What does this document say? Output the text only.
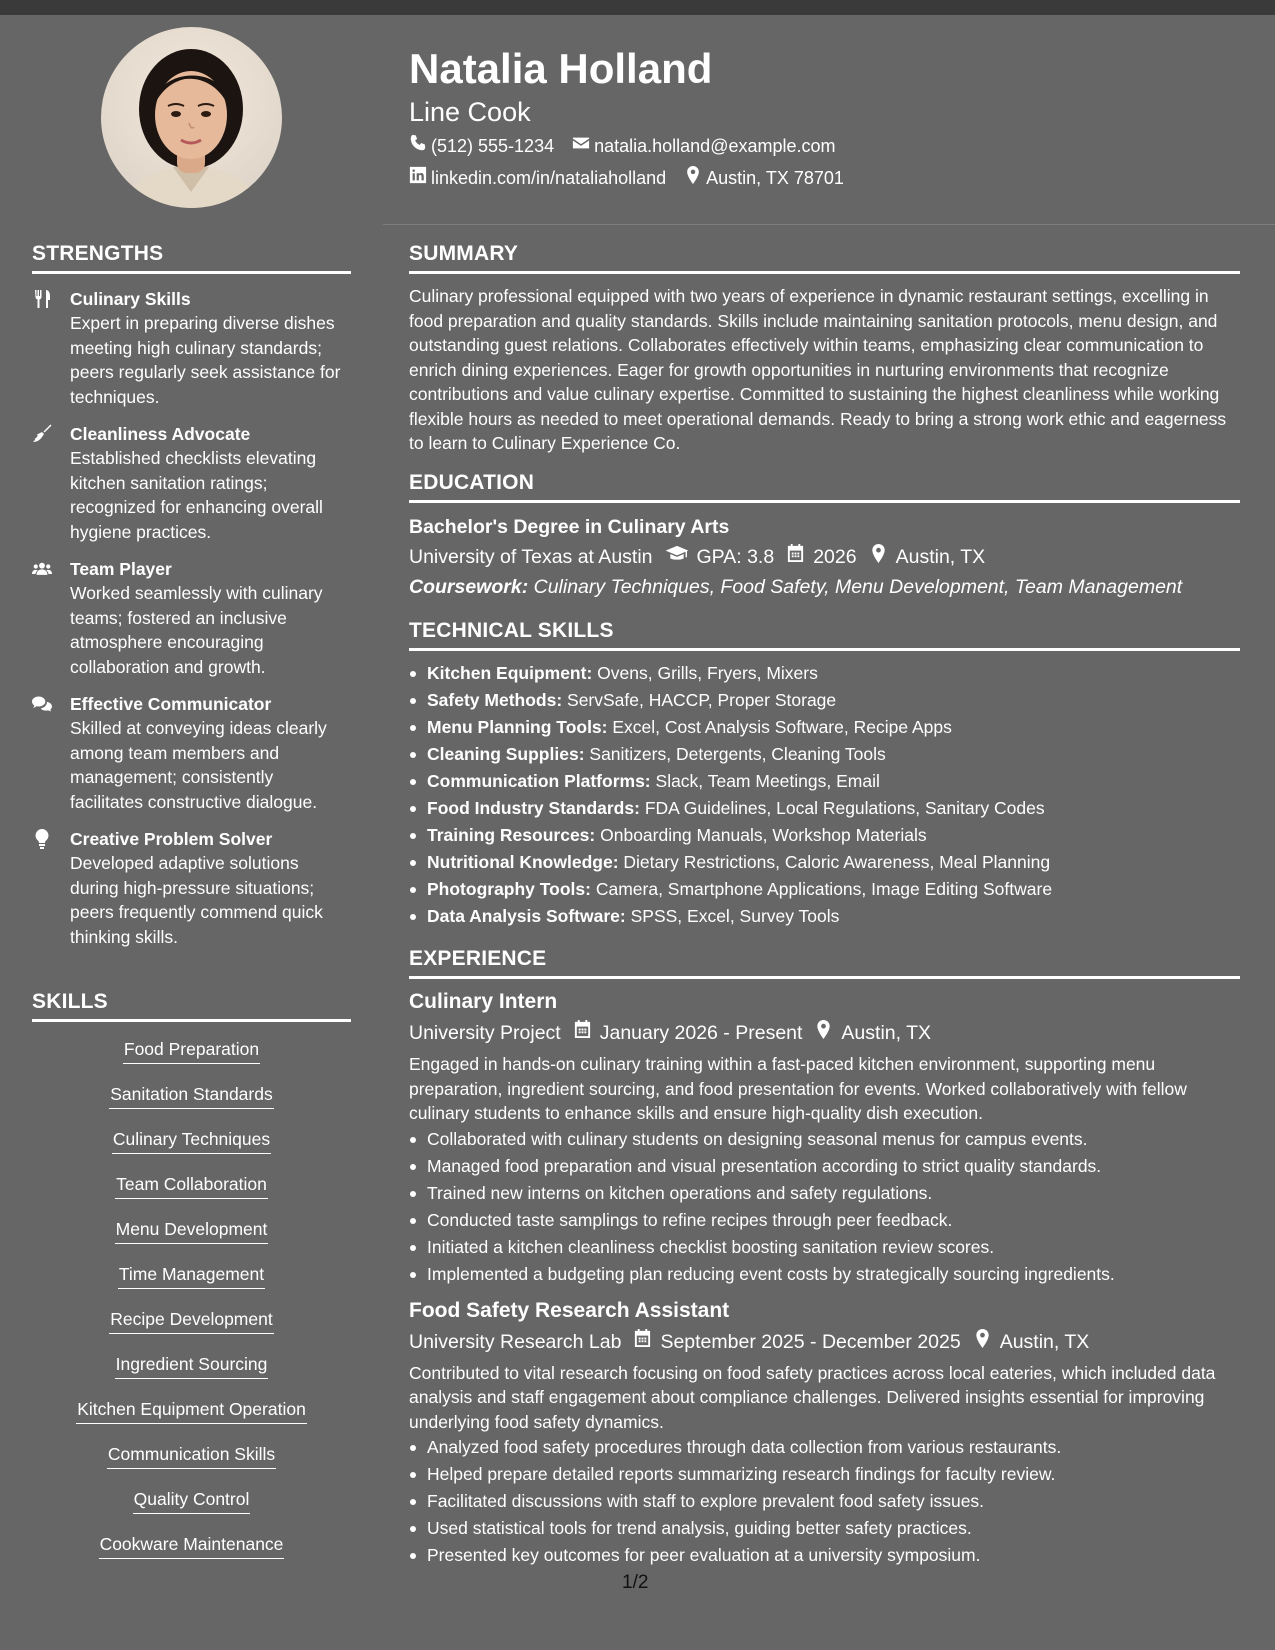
STRENGTHS
Culinary Skills
Expert in preparing diverse dishes meeting high culinary standards; peers regularly seek assistance for techniques.
Cleanliness Advocate
Established checklists elevating kitchen sanitation ratings; recognized for enhancing overall hygiene practices.
Team Player
Worked seamlessly with culinary teams; fostered an inclusive atmosphere encouraging collaboration and growth.
Effective Communicator
Skilled at conveying ideas clearly among team members and management; consistently facilitates constructive dialogue.
Creative Problem Solver
Developed adaptive solutions during high-pressure situations; peers frequently commend quick thinking skills.
SKILLS
Food Preparation
Sanitation Standards
Culinary Techniques
Team Collaboration
Menu Development
Time Management
Recipe Development
Ingredient Sourcing
Kitchen Equipment Operation
Communication Skills
Quality Control
Cookware Maintenance
Natalia Holland
Line Cook
(512) 555-1234 natalia.holland@example.com
linkedin.com/in/nataliaholland Austin, TX 78701
SUMMARY
Culinary professional equipped with two years of experience in dynamic restaurant settings, excelling in food preparation and quality standards. Skills include maintaining sanitation protocols, menu design, and outstanding guest relations. Collaborates effectively within teams, emphasizing clear communication to enrich dining experiences. Eager for growth opportunities in nurturing environments that recognize contributions and value culinary expertise. Committed to sustaining the highest cleanliness while working flexible hours as needed to meet operational demands. Ready to bring a strong work ethic and eagerness to learn to Culinary Experience Co.
EDUCATION
Bachelor's Degree in Culinary Arts
University of Texas at Austin GPA: 3.8 2026 Austin, TX
Coursework: Culinary Techniques, Food Safety, Menu Development, Team Management
TECHNICAL SKILLS
Kitchen Equipment: Ovens, Grills, Fryers, Mixers
Safety Methods: ServSafe, HACCP, Proper Storage
Menu Planning Tools: Excel, Cost Analysis Software, Recipe Apps
Cleaning Supplies: Sanitizers, Detergents, Cleaning Tools
Communication Platforms: Slack, Team Meetings, Email
Food Industry Standards: FDA Guidelines, Local Regulations, Sanitary Codes
Training Resources: Onboarding Manuals, Workshop Materials
Nutritional Knowledge: Dietary Restrictions, Caloric Awareness, Meal Planning
Photography Tools: Camera, Smartphone Applications, Image Editing Software
Data Analysis Software: SPSS, Excel, Survey Tools
EXPERIENCE
Culinary Intern
University Project January 2026 - Present Austin, TX
Engaged in hands-on culinary training within a fast-paced kitchen environment, supporting menu preparation, ingredient sourcing, and food presentation for events. Worked collaboratively with fellow culinary students to enhance skills and ensure high-quality dish execution.
Collaborated with culinary students on designing seasonal menus for campus events.
Managed food preparation and visual presentation according to strict quality standards.
Trained new interns on kitchen operations and safety regulations.
Conducted taste samplings to refine recipes through peer feedback.
Initiated a kitchen cleanliness checklist boosting sanitation review scores.
Implemented a budgeting plan reducing event costs by strategically sourcing ingredients.
Food Safety Research Assistant
University Research Lab September 2025 - December 2025 Austin, TX
Contributed to vital research focusing on food safety practices across local eateries, which included data analysis and staff engagement about compliance challenges. Delivered insights essential for improving underlying food safety dynamics.
Analyzed food safety procedures through data collection from various restaurants.
Helped prepare detailed reports summarizing research findings for faculty review.
Facilitated discussions with staff to explore prevalent food safety issues.
Used statistical tools for trend analysis, guiding better safety practices.
Presented key outcomes for peer evaluation at a university symposium.
1/2
